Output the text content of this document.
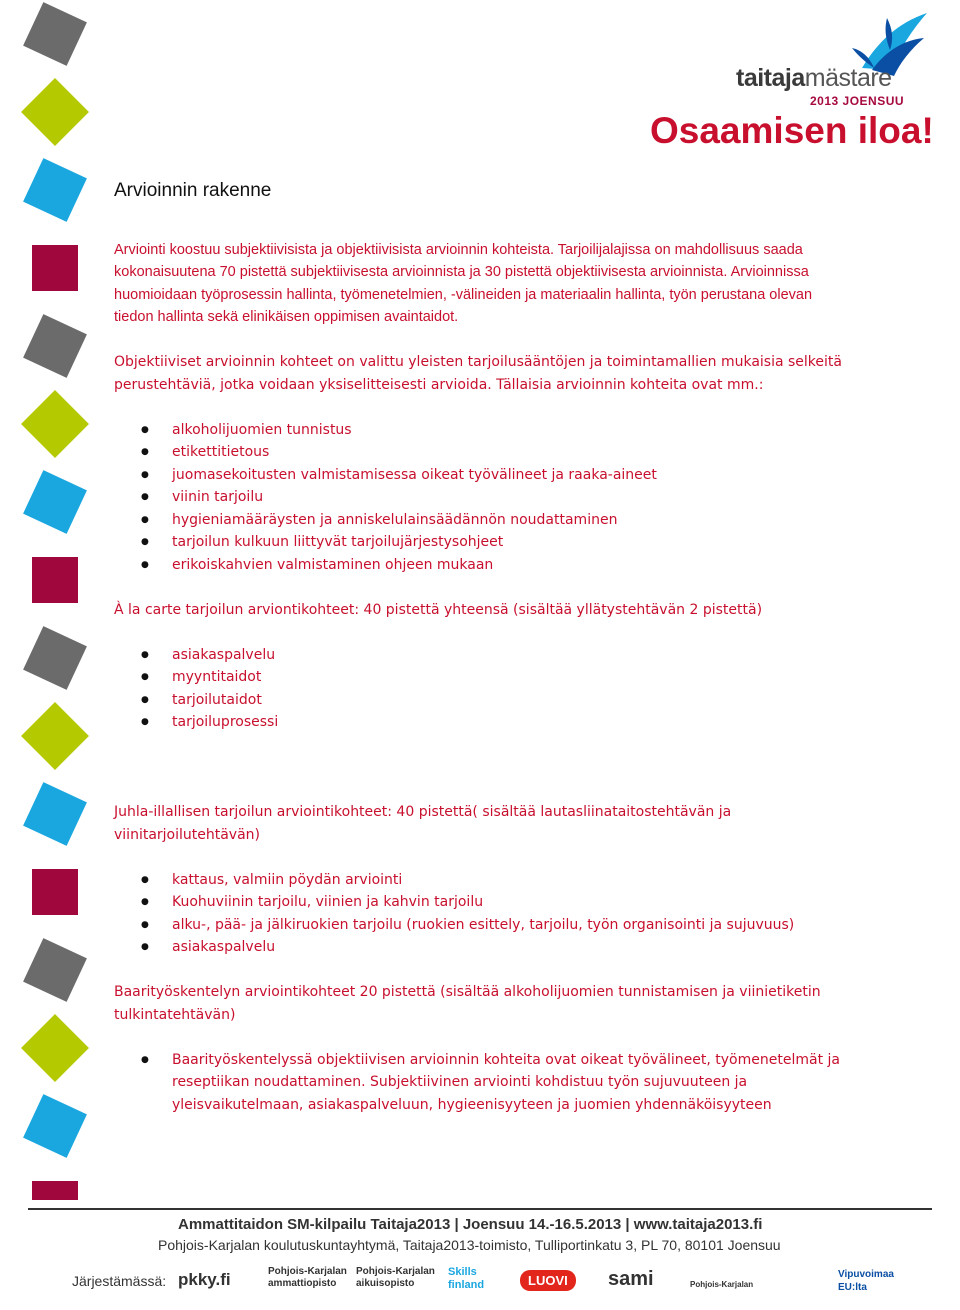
taitajamästare
2013 JOENSUU
Osaamisen iloa!
Arvioinnin rakenne

Arviointi koostuu subjektiivisista ja objektiivisista arvioinnin kohteista. Tarjoilijalajissa on mahdollisuus saada kokonaisuutena 70 pistettä subjektiivisesta arvioinnista ja 30 pistettä objektiivisesta arvioinnista. Arvioinnissa huomioidaan työprosessin hallinta, työmenetelmien, -välineiden ja materiaalin hallinta, työn perustana olevan tiedon hallinta sekä elinikäisen oppimisen avaintaidot.

Objektiiviset arvioinnin kohteet on valittu yleisten tarjoilusääntöjen ja toimintamallien mukaisia selkeitä perustehtäviä, jotka voidaan yksiselitteisesti arvioida. Tällaisia arvioinnin kohteita ovat mm.:

● alkoholijuomien tunnistus
● etikettitietous
● juomasekoitusten valmistamisessa oikeat työvälineet ja raaka-aineet
● viinin tarjoilu
● hygieniamääräysten ja anniskelulainsäädännön noudattaminen
● tarjoilun kulkuun liittyvät tarjoilujärjestysohjeet
● erikoiskahvien valmistaminen ohjeen mukaan

À la carte tarjoilun arviontikohteet: 40 pistettä yhteensä (sisältää yllätystehtävän 2 pistettä)

● asiakaspalvelu
● myyntitaidot
● tarjoilutaidot
● tarjoiluprosessi

Juhla-illallisen tarjoilun arviointikohteet: 40 pistettä( sisältää lautasliinataitostehtävän ja viinitarjoilutehtävän)

● kattaus, valmiin pöydän arviointi
● Kuohuviinin tarjoilu, viinien ja kahvin tarjoilu
● alku-, pää- ja jälkiruokien tarjoilu (ruokien esittely, tarjoilu, työn organisointi ja sujuvuus)
● asiakaspalvelu

Baarityöskentelyn arviointikohteet 20 pistettä (sisältää alkoholijuomien tunnistamisen ja viinietiketin tulkintatehtävän)

● Baarityöskentelyssä objektiivisen arvioinnin kohteita ovat oikeat työvälineet, työmenetelmät ja reseptiikan noudattaminen. Subjektiivinen arviointi kohdistuu työn sujuvuuteen ja yleisvaikutelmaan, asiakaspalveluun, hygieenisyyteen ja juomien yhdennäköisyyteen
Ammattitaidon SM-kilpailu Taitaja2013 | Joensuu 14.-16.5.2013 | www.taitaja2013.fi
Pohjois-Karjalan koulutuskuntayhtymä, Taitaja2013-toimisto, Tulliportinkatu 3, PL 70, 80101 Joensuu
Järjestämässä: pkky.fi	Pohjois-Karjalan ammattiopisto
Pohjois-Karjalan aikuisopisto
Skills finland	LUOVI	sami	Pohjois-Karjalan
Vipuvoimaa EU:lta
